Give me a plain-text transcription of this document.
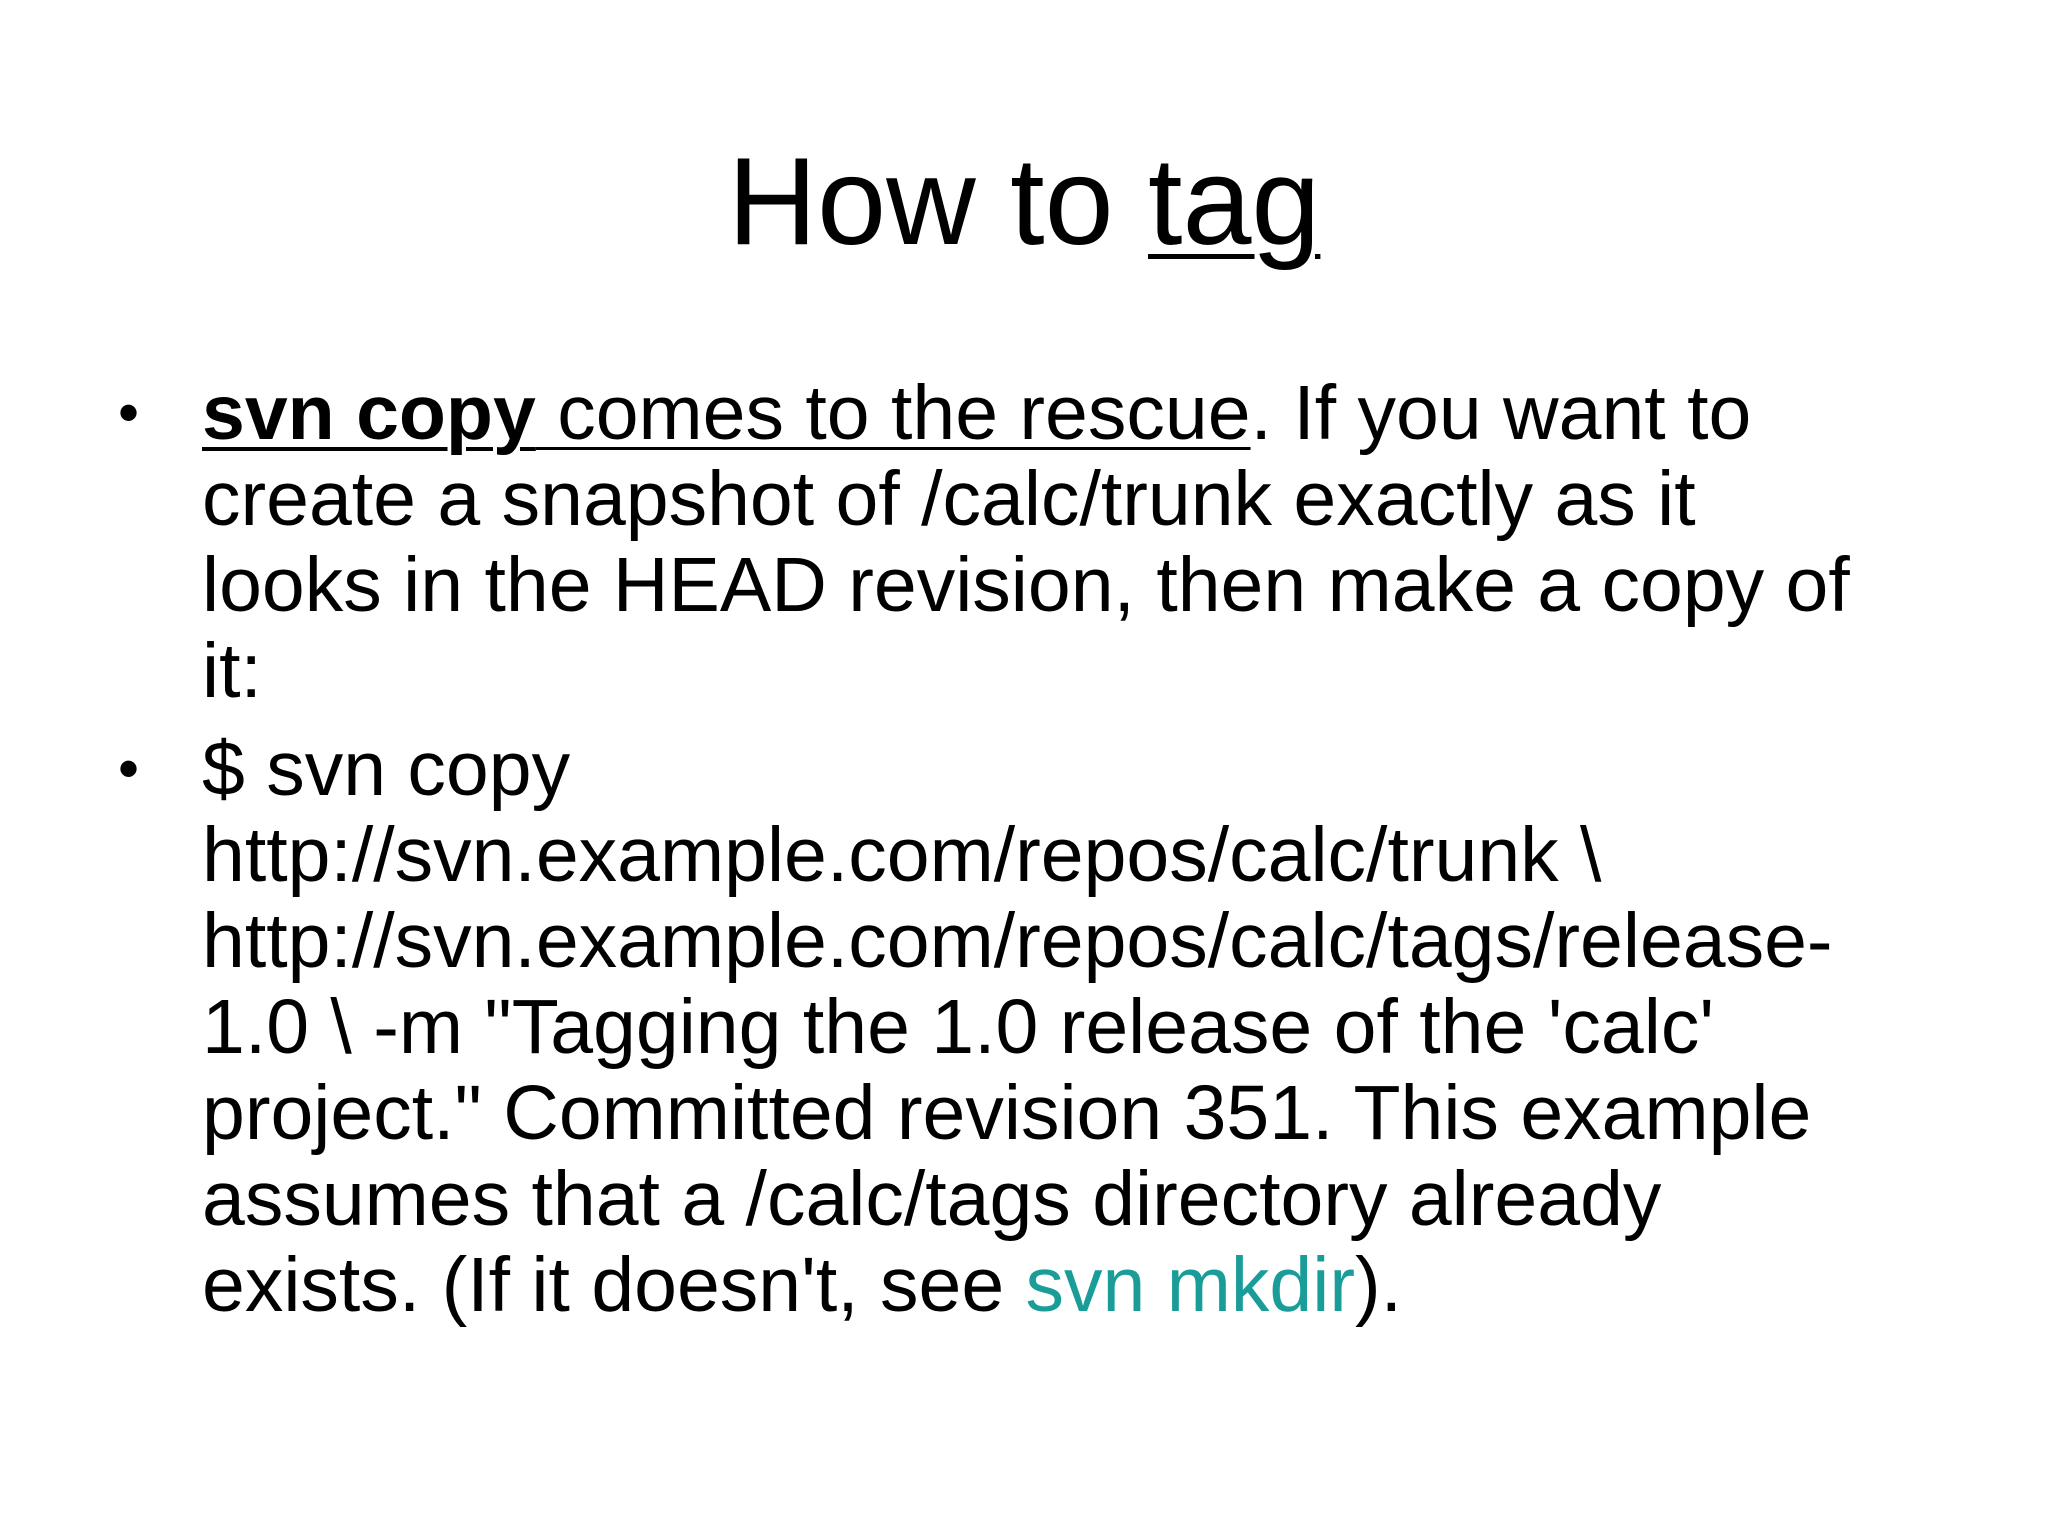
How to tag
• svn copy comes to the rescue. If you want to
create a snapshot of /calc/trunk exactly as it
looks in the HEAD revision, then make a copy of
it:
• $ svn copy
http://svn.example.com/repos/calc/trunk \
http://svn.example.com/repos/calc/tags/release-
1.0 \ -m "Tagging the 1.0 release of the 'calc'
project." Committed revision 351. This example
assumes that a /calc/tags directory already
exists. (If it doesn't, see svn mkdir).
